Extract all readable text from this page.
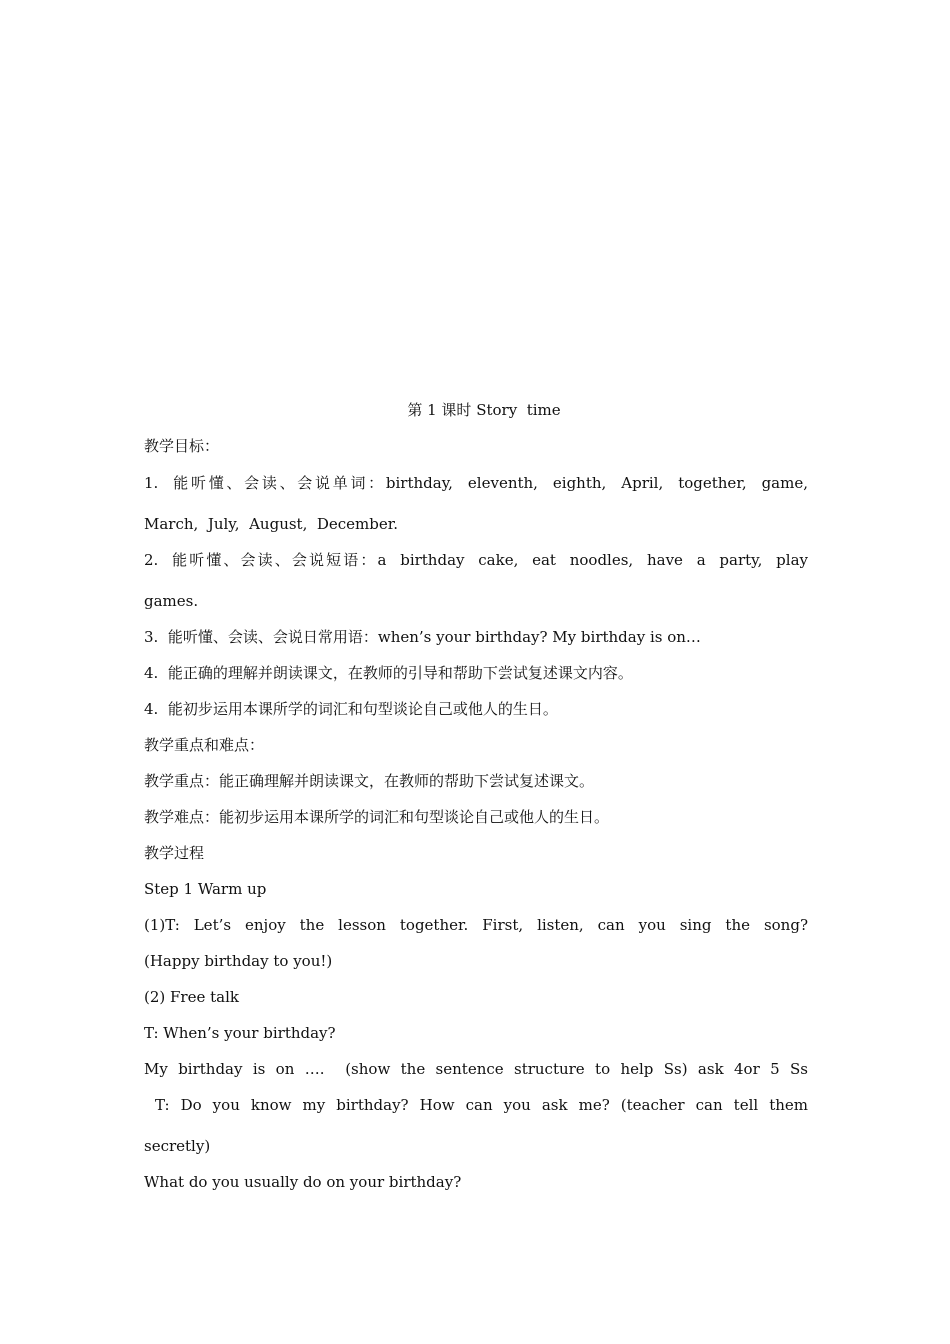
第 1 课时 Story  time
教学目标：
1.  能听懂、会读、会说单词：birthday,  eleventh,  eighth,  April,  together,  game,
March,  July,  August,  December.
2.  能听懂、会读、会说短语：a  birthday  cake,  eat  noodles,  have  a  party,  play
games.
3.  能听懂、会读、会说日常用语：when’s your birthday? My birthday is on…
4.  能正确的理解并朗读课文，在教师的引导和帮助下尝试复述课文内容。
4.  能初步运用本课所学的词汇和句型谈论自己或他人的生日。
教学重点和难点：
教学重点：能正确理解并朗读课文，在教师的帮助下尝试复述课文。
教学难点：能初步运用本课所学的词汇和句型谈论自己或他人的生日。
教学过程
Step 1 Warm up
(1)T: Let’s enjoy the lesson together. First, listen, can you sing the song?
(Happy birthday to you!)
(2) Free talk
T: When’s your birthday?
My birthday is on ….  (show the sentence structure to help Ss) ask 4or 5 Ss
T:  Do  you  know  my  birthday?  How  can  you  ask  me?  (teacher  can  tell  them
secretly)
What do you usually do on your birthday?
